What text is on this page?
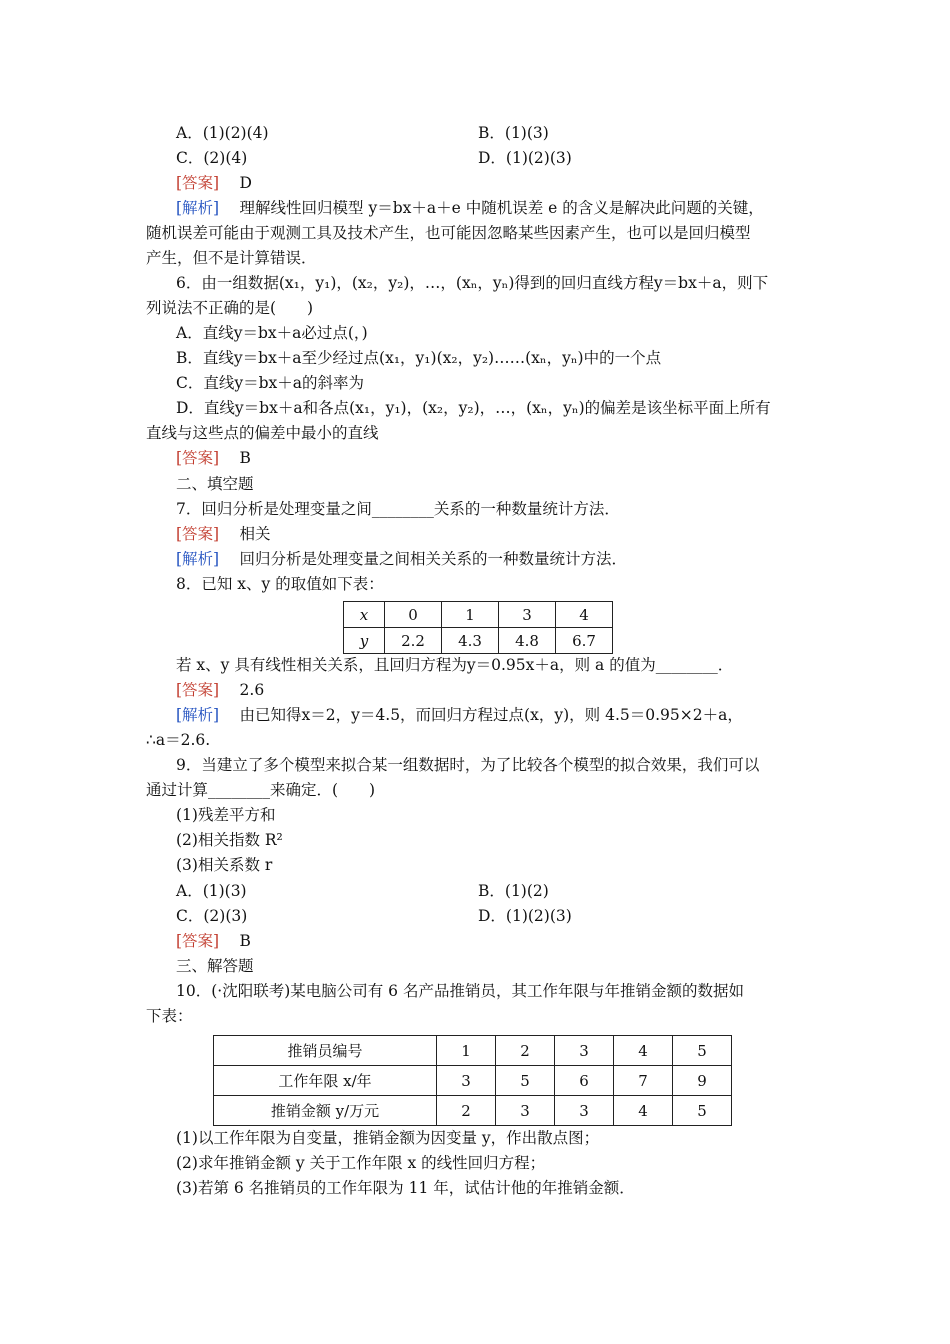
A．(1)(2)(4)	B．(1)(3)
C．(2)(4)	D．(1)(2)(3)
[答案]　 D
[解析]　 理解线性回归模型 y＝bx＋a＋e 中随机误差 e 的含义是解决此问题的关键，
随机误差可能由于观测工具及技术产生，也可能因忽略某些因素产生，也可以是回归模型
产生，但不是计算错误．
6．由一组数据(x₁，y₁)，(x₂，y₂)，…，(xₙ，yₙ)得到的回归直线方程y＝bx＋a，则下
列说法不正确的是(　　)
A．直线y＝bx＋a必过点(，)
B．直线y＝bx＋a至少经过点(x₁，y₁)(x₂，y₂)……(xₙ，yₙ)中的一个点
C．直线y＝bx＋a的斜率为
D．直线y＝bx＋a和各点(x₁，y₁)，(x₂，y₂)，…，(xₙ，yₙ)的偏差是该坐标平面上所有
直线与这些点的偏差中最小的直线
[答案]　 B
二、填空题
7．回归分析是处理变量之间________关系的一种数量统计方法．
[答案]　 相关
[解析]　 回归分析是处理变量之间相关关系的一种数量统计方法．
8．已知 x、y 的取值如下表：
x	0	1	3	4
y	2.2	4.3	4.8	6.7
若 x、y 具有线性相关关系，且回归方程为y＝0.95x＋a，则 a 的值为________．
[答案]　 2.6
[解析]　 由已知得x＝2，y＝4.5，而回归方程过点(x，y)，则 4.5＝0.95×2＋a，
∴a＝2.6.
9．当建立了多个模型来拟合某一组数据时，为了比较各个模型的拟合效果，我们可以
通过计算________来确定．(　　)
(1)残差平方和
(2)相关指数 R²
(3)相关系数 r
A．(1)(3)	B．(1)(2)
C．(2)(3)	D．(1)(2)(3)
[答案]　 B
三、解答题
10．(·沈阳联考)某电脑公司有 6 名产品推销员，其工作年限与年推销金额的数据如
下表：
推销员编号	1	2	3	4	5
工作年限 x/年	3	5	6	7	9
推销金额 y/万元	2	3	3	4	5
(1)以工作年限为自变量，推销金额为因变量 y，作出散点图；
(2)求年推销金额 y 关于工作年限 x 的线性回归方程；
(3)若第 6 名推销员的工作年限为 11 年，试估计他的年推销金额．
